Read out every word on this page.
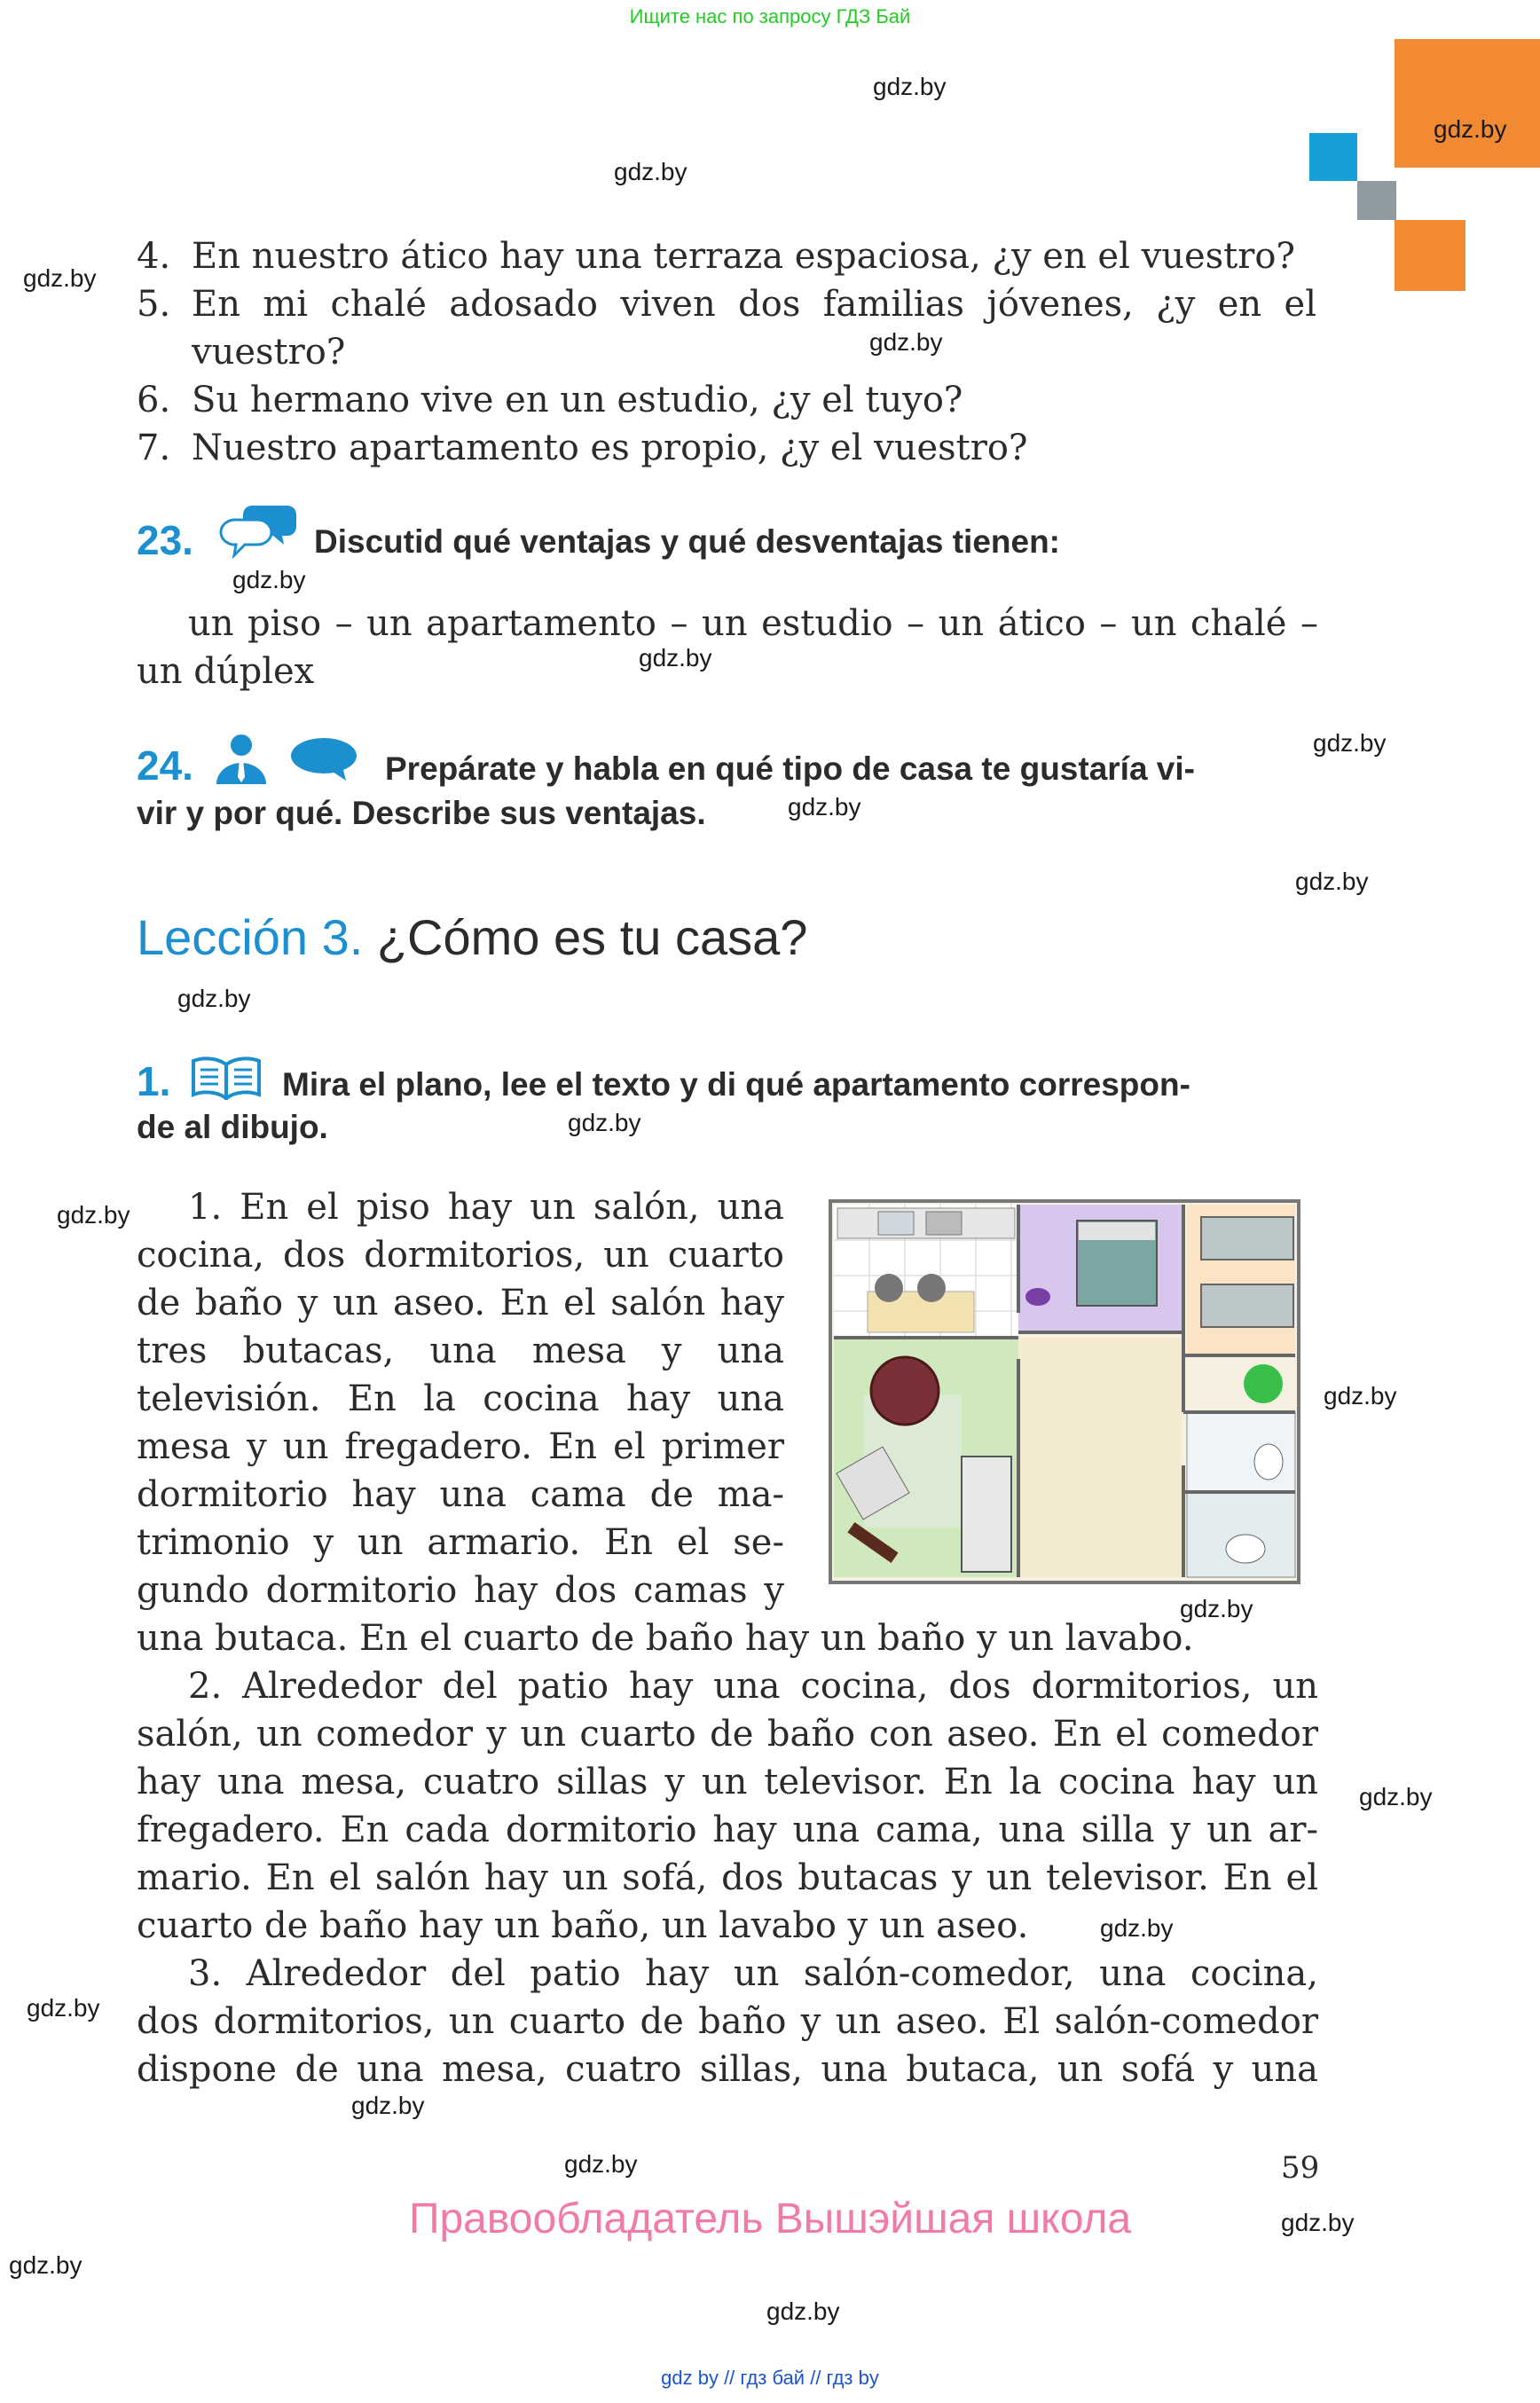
Ищите нас по запросу ГДЗ Бай
gdz.by
gdz.by
gdz.by
gdz.by
gdz.by
gdz.by
gdz.by
gdz.by
gdz.by
gdz.by
gdz.by
gdz.by
gdz.by
gdz.by
gdz.by
gdz.by
gdz.by
gdz.by
gdz.by
gdz.by
gdz.by
gdz.by
gdz.by
4. En nuestro ático hay una terraza espaciosa, ¿y en el vuestro?
5. En mi chalé adosado viven dos familias jóvenes, ¿y en el
vuestro?
6. Su hermano vive en un estudio, ¿y el tuyo?
7. Nuestro apartamento es propio, ¿y el vuestro?
23.	Discutid qué ventajas y qué desventajas tienen:
un piso – un apartamento – un estudio – un ático – un chalé –
un dúplex
24.	Prepárate y habla en qué tipo de casa te gustaría vi-
vir y por qué. Describe sus ventajas.
Lección 3. ¿Cómo es tu casa?
1.	Mira el plano, lee el texto y di qué apartamento correspon-
de al dibujo.
1. En el piso hay un salón, una
cocina, dos dormitorios, un cuarto
de baño y un aseo. En el salón hay
tres butacas, una mesa y una
televisión. En la cocina hay una
mesa y un fregadero. En el primer
dormitorio hay una cama de ma-
trimonio y un armario. En el se-
gundo dormitorio hay dos camas y
una butaca. En el cuarto de baño hay un baño y un lavabo.
2. Alrededor del patio hay una cocina, dos dormitorios, un
salón, un comedor y un cuarto de baño con aseo. En el comedor
hay una mesa, cuatro sillas y un televisor. En la cocina hay un
fregadero. En cada dormitorio hay una cama, una silla y un ar-
mario. En el salón hay un sofá, dos butacas y un televisor. En el
cuarto de baño hay un baño, un lavabo y un aseo.
3. Alrededor del patio hay un salón-comedor, una cocina,
dos dormitorios, un cuarto de baño y un aseo. El salón-comedor
dispone de una mesa, cuatro sillas, una butaca, un sofá y una
59
Правообладатель Вышэйшая школа
gdz by // гдз бай // гдз by
